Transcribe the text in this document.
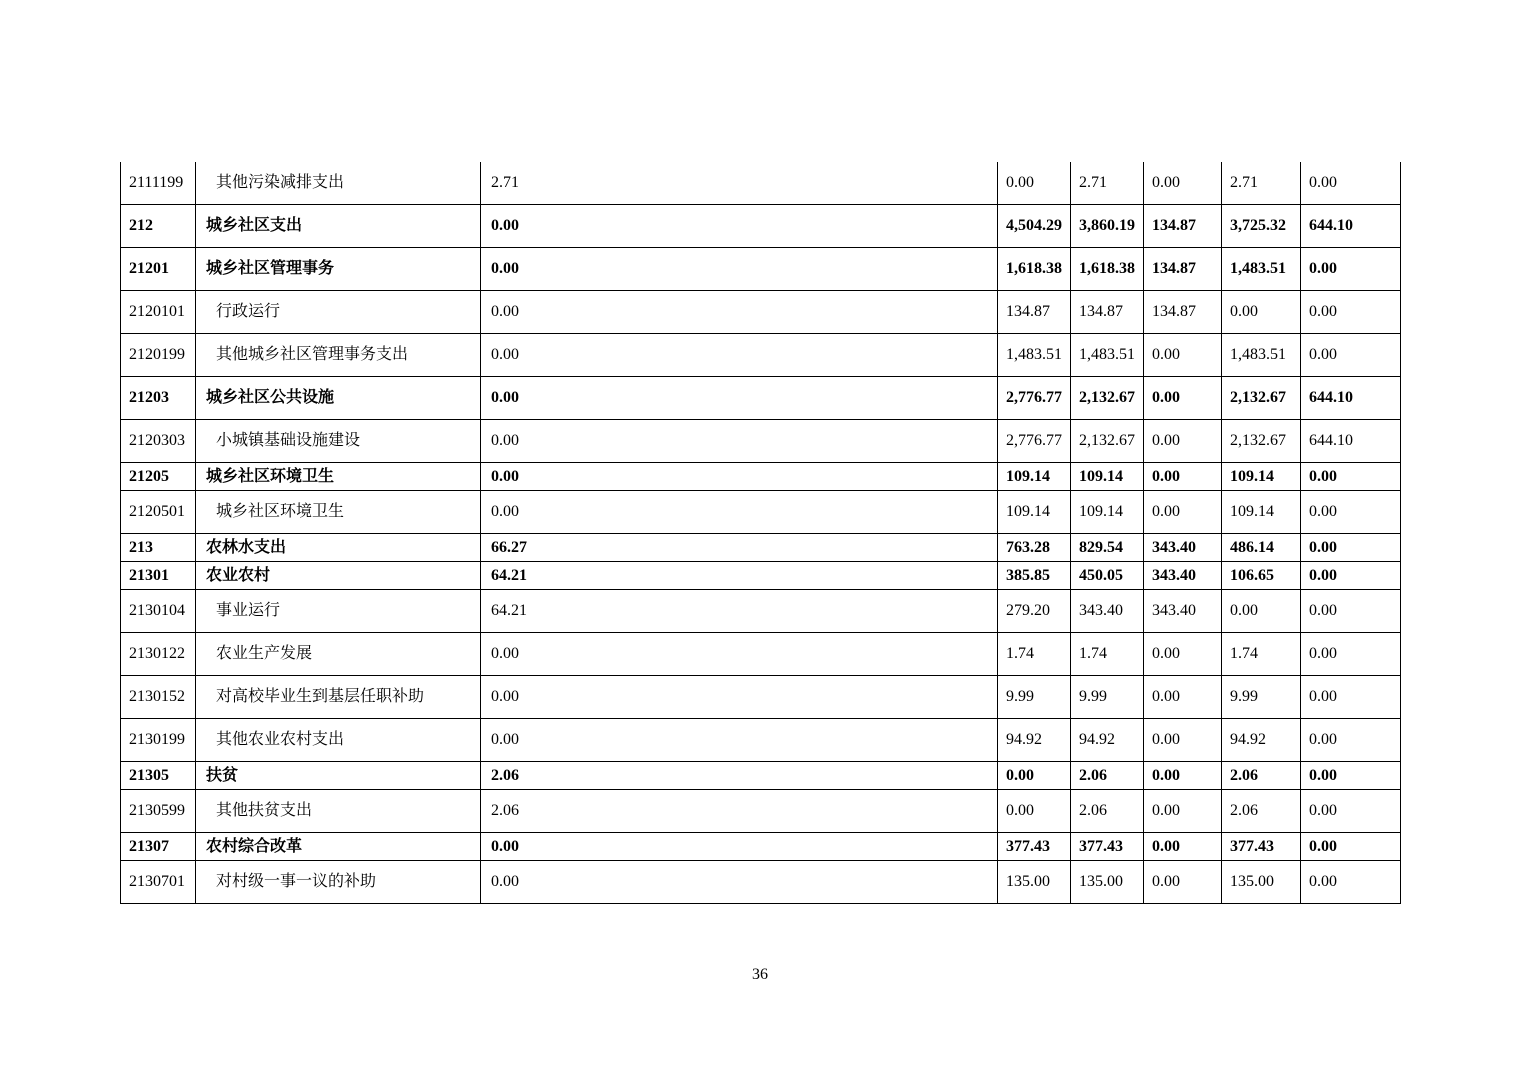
2111199	其他污染减排支出	2.71	0.00	2.71	0.00	2.71	0.00
212	城乡社区支出	0.00	4,504.29	3,860.19	134.87	3,725.32	644.10
21201	城乡社区管理事务	0.00	1,618.38	1,618.38	134.87	1,483.51	0.00
2120101	行政运行	0.00	134.87	134.87	134.87	0.00	0.00
2120199	其他城乡社区管理事务支出	0.00	1,483.51	1,483.51	0.00	1,483.51	0.00
21203	城乡社区公共设施	0.00	2,776.77	2,132.67	0.00	2,132.67	644.10
2120303	小城镇基础设施建设	0.00	2,776.77	2,132.67	0.00	2,132.67	644.10
21205	城乡社区环境卫生	0.00	109.14	109.14	0.00	109.14	0.00
2120501	城乡社区环境卫生	0.00	109.14	109.14	0.00	109.14	0.00
213	农林水支出	66.27	763.28	829.54	343.40	486.14	0.00
21301	农业农村	64.21	385.85	450.05	343.40	106.65	0.00
2130104	事业运行	64.21	279.20	343.40	343.40	0.00	0.00
2130122	农业生产发展	0.00	1.74	1.74	0.00	1.74	0.00
2130152	对高校毕业生到基层任职补助	0.00	9.99	9.99	0.00	9.99	0.00
2130199	其他农业农村支出	0.00	94.92	94.92	0.00	94.92	0.00
21305	扶贫	2.06	0.00	2.06	0.00	2.06	0.00
2130599	其他扶贫支出	2.06	0.00	2.06	0.00	2.06	0.00
21307	农村综合改革	0.00	377.43	377.43	0.00	377.43	0.00
2130701	对村级一事一议的补助	0.00	135.00	135.00	0.00	135.00	0.00
36
